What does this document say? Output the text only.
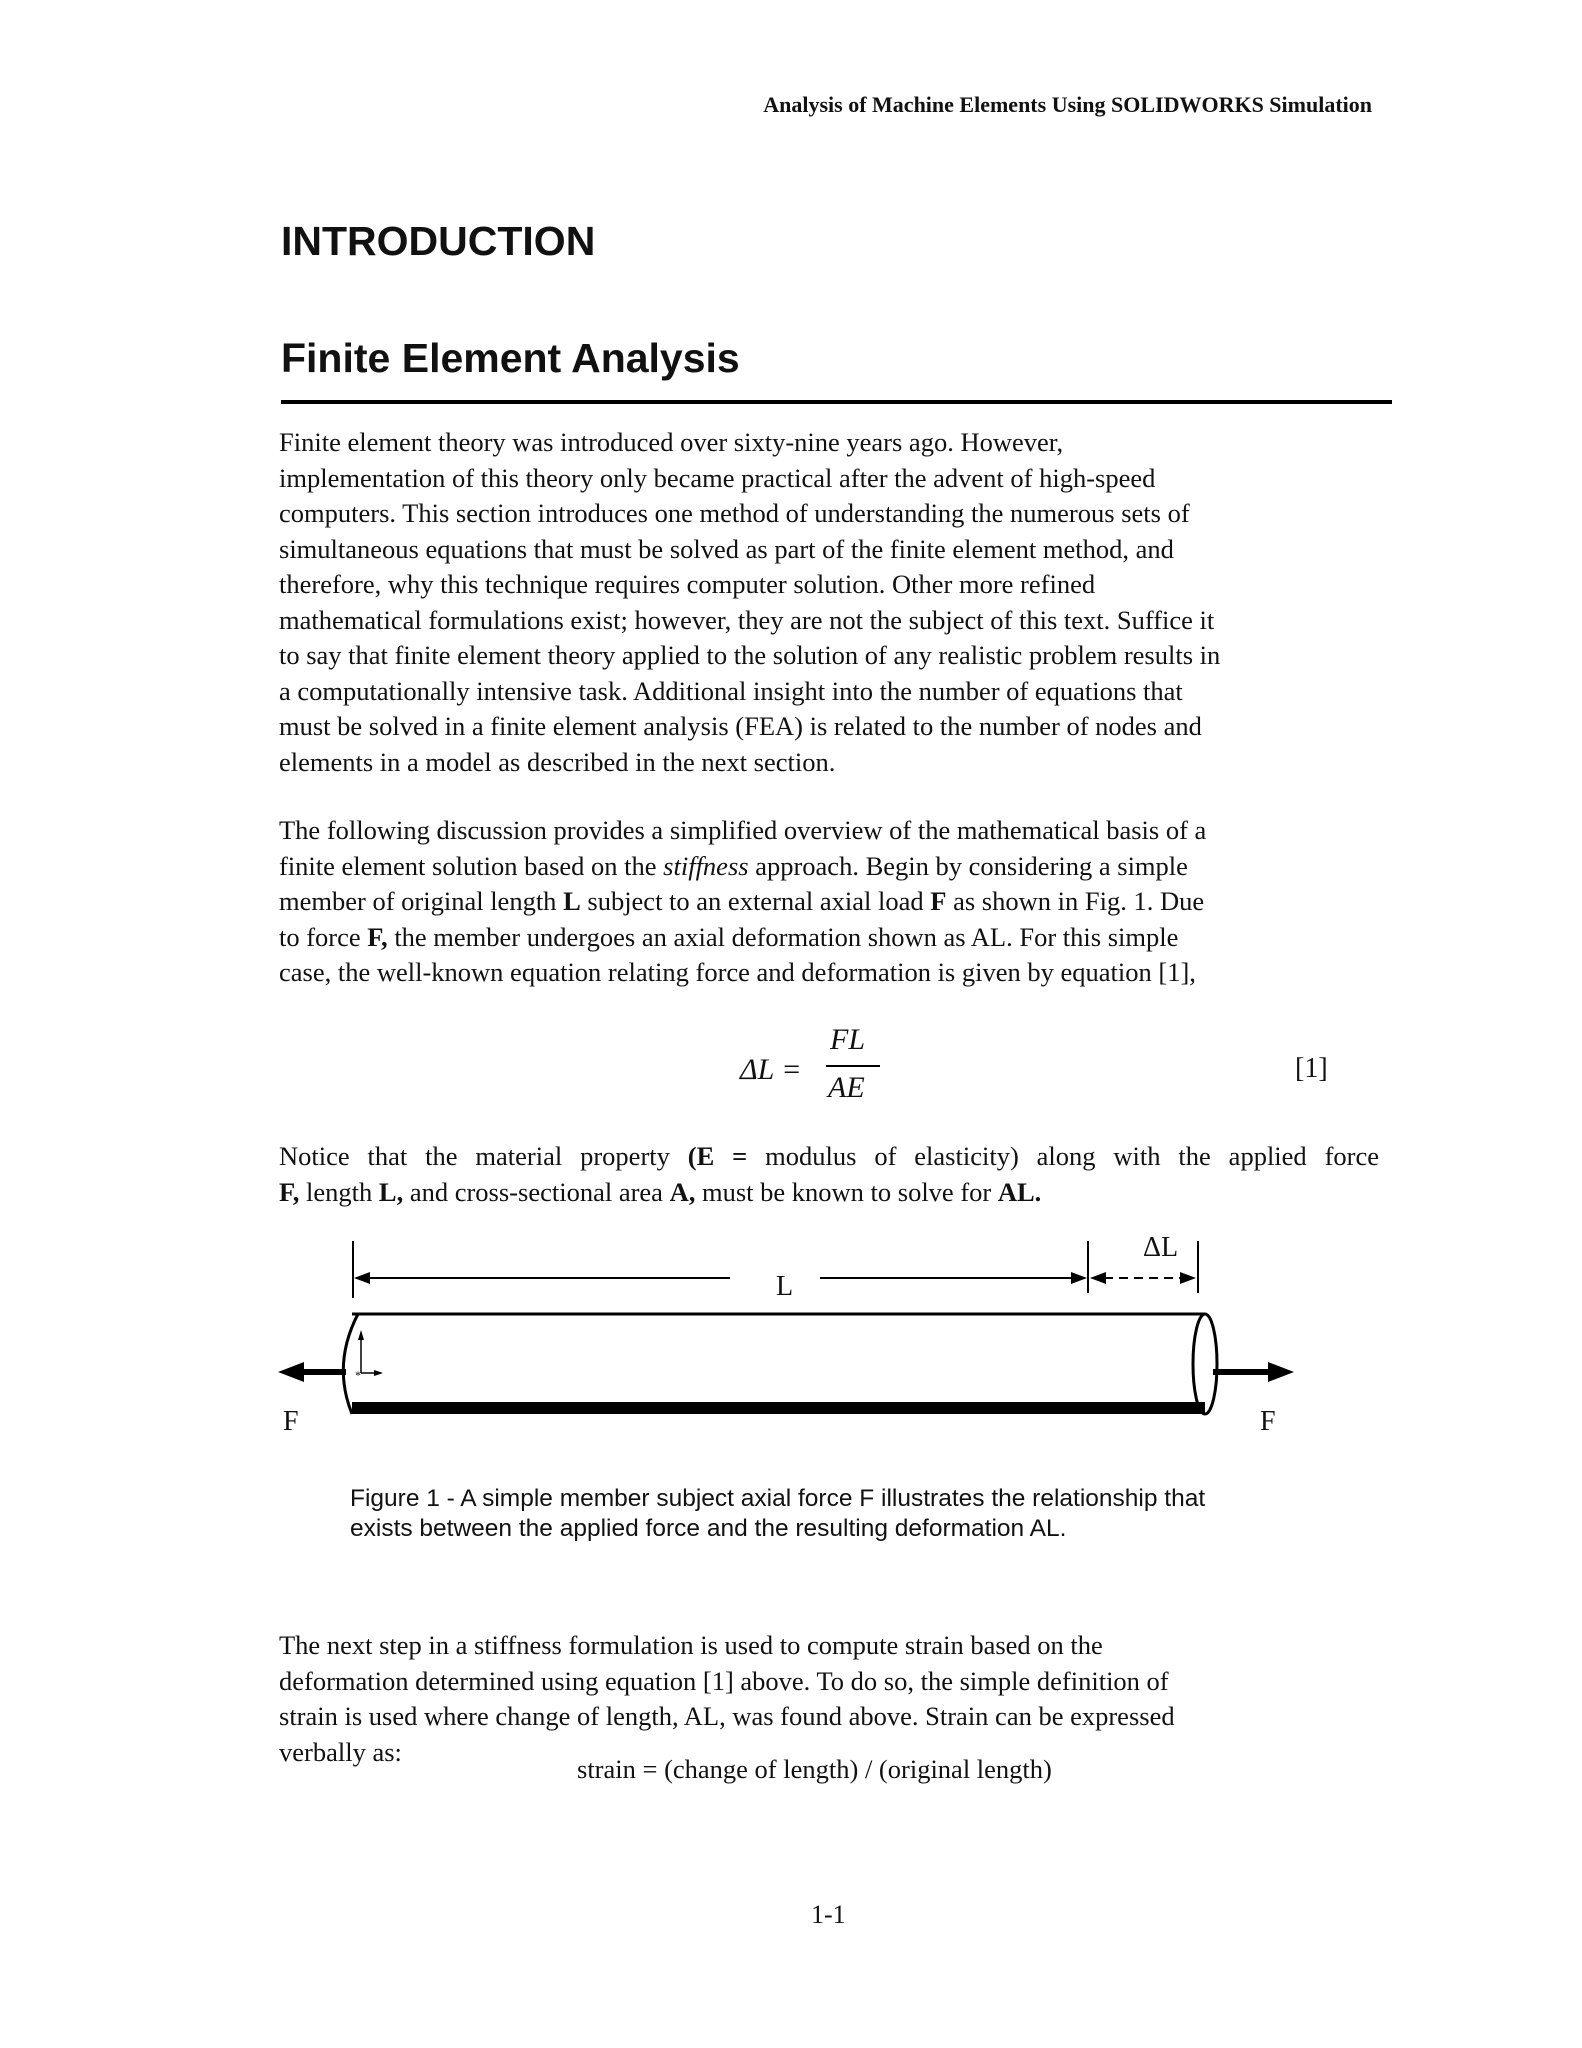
Analysis of Machine Elements Using SOLIDWORKS Simulation
INTRODUCTION
Finite Element Analysis

Finite element theory was introduced over sixty-nine years ago. However,
implementation of this theory only became practical after the advent of high-speed
computers. This section introduces one method of understanding the numerous sets of
simultaneous equations that must be solved as part of the finite element method, and
therefore, why this technique requires computer solution. Other more refined
mathematical formulations exist; however, they are not the subject of this text. Suffice it
to say that finite element theory applied to the solution of any realistic problem results in
a computationally intensive task. Additional insight into the number of equations that
must be solved in a finite element analysis (FEA) is related to the number of nodes and
elements in a model as described in the next section.

The following discussion provides a simplified overview of the mathematical basis of a
finite element solution based on the stiffness approach. Begin by considering a simple
member of original length L subject to an external axial load F as shown in Fig. 1. Due
to force F, the member undergoes an axial deformation shown as AL. For this simple
case, the well-known equation relating force and deformation is given by equation [1],

ΔL =
FL
AE
[1]

Notice that the material property (E = modulus of elasticity) along with the applied force
F, length L, and cross-sectional area A, must be known to solve for AL.

*
L
ΔL
F	F
Figure 1 - A simple member subject axial force F illustrates the relationship that
exists between the applied force and the resulting deformation AL.

The next step in a stiffness formulation is used to compute strain based on the
deformation determined using equation [1] above. To do so, the simple definition of
strain is used where change of length, AL, was found above. Strain can be expressed
verbally as:

strain = (change of length) / (original length)
1-1
